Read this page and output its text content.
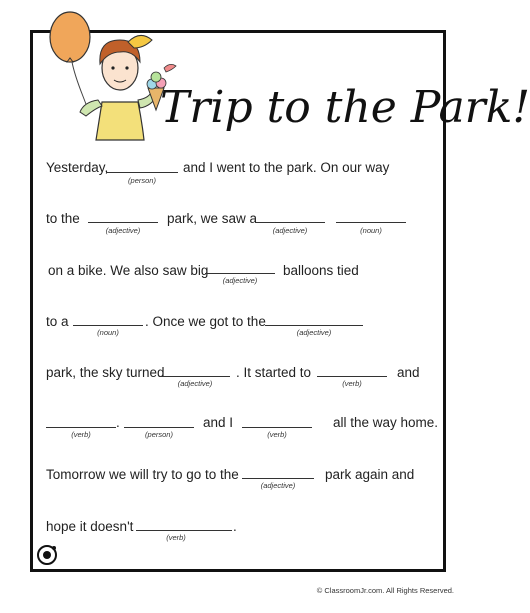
Trip to the Park!
Yesterday,
(person)
and I went to the park. On our way
to the
(adjective)
park, we saw a
(adjective)	(noun)
on a bike. We also saw big
(adjective)
balloons tied
to a
(noun)
. Once we got to the
(adjective)
park, the sky turned
(adjective)
. It started to
(verb)
and
(verb)
.
(person)
and I
(verb)
all the way home.
Tomorrow we will try to go to the
(adjective)
park again and
hope it doesn't
(verb)
.
© ClassroomJr.com. All Rights Reserved.
